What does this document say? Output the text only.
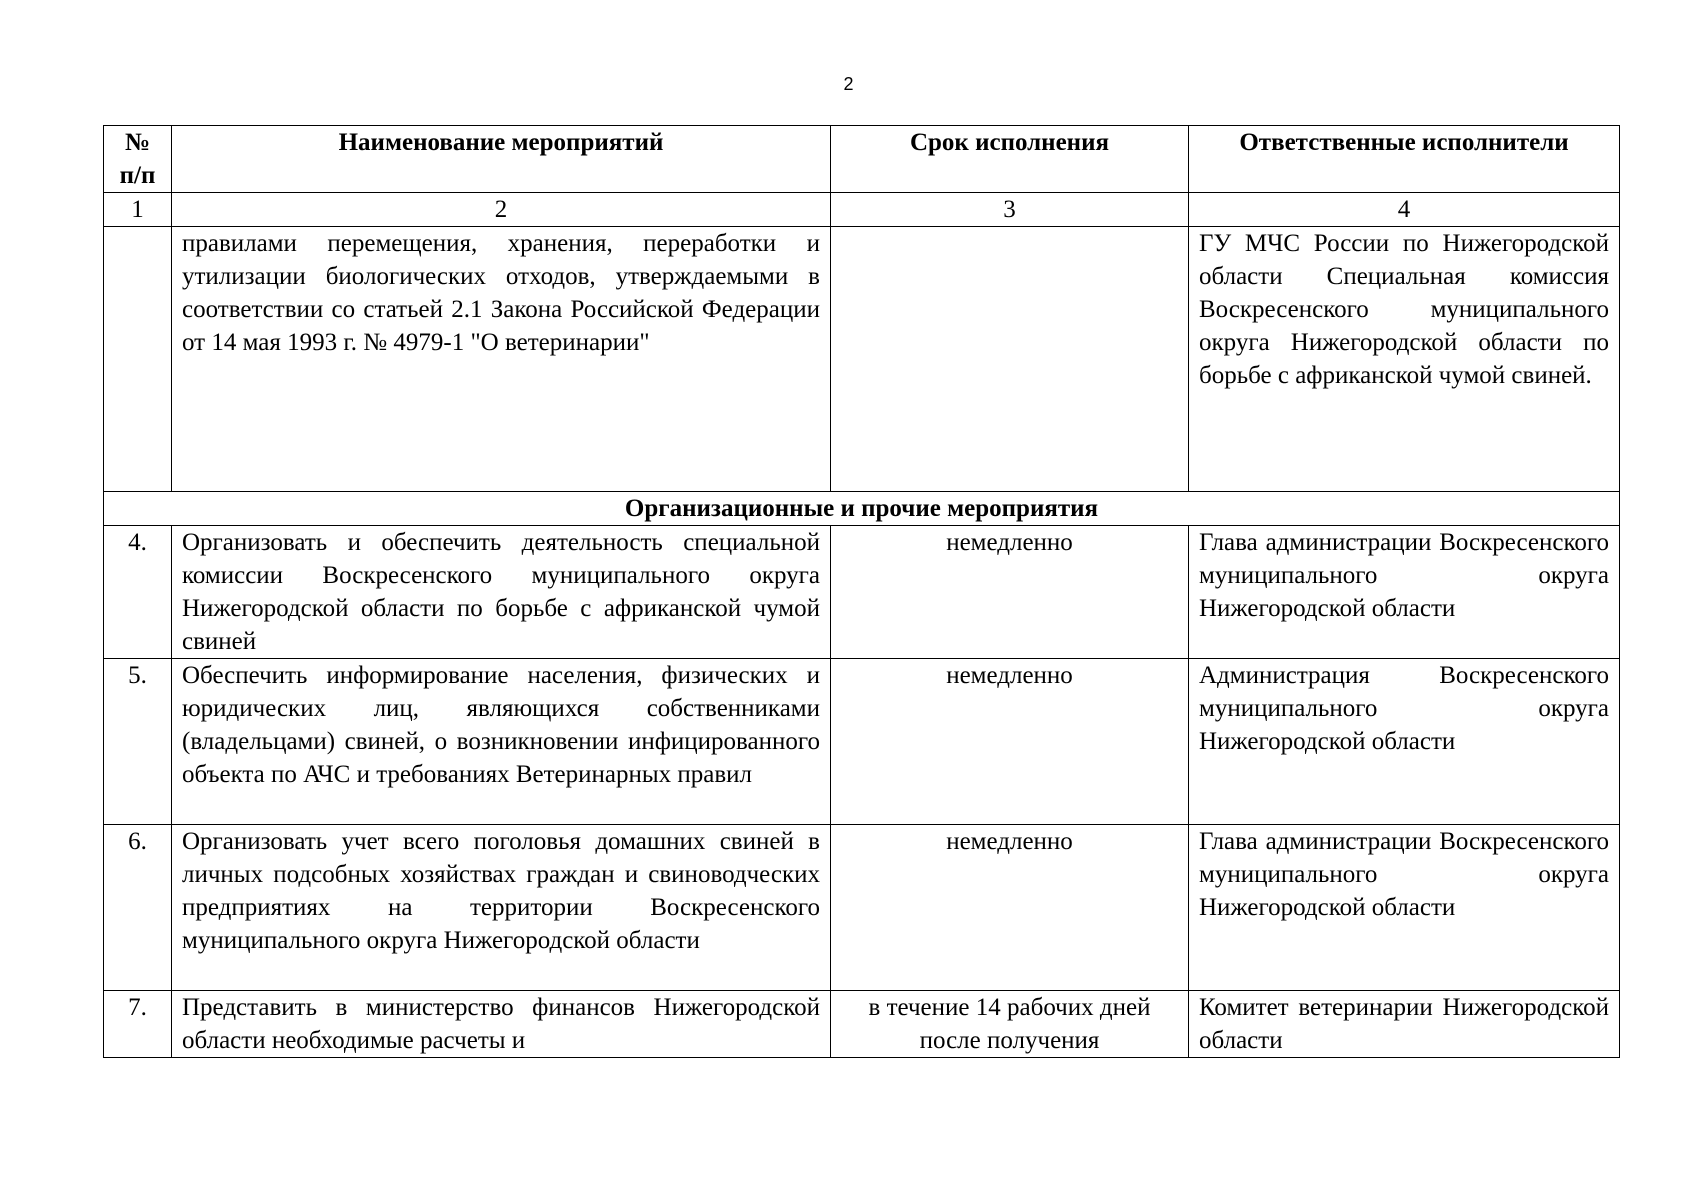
2
№ п/п	Наименование мероприятий	Срок исполнения	Ответственные исполнители
1	2	3	4
	правилами перемещения, хранения, переработки и утилизации биологических отходов, утверждаемыми в соответствии со статьей 2.1 Закона Российской Федерации от 14 мая 1993 г. № 4979-1 "О ветеринарии"		ГУ МЧС России по Нижегородской области Специальная комиссия Воскресенского муниципального округа Нижегородской области по борьбе с африканской чумой свиней.
Организационные и прочие мероприятия			
4.	Организовать и обеспечить деятельность специальной комиссии Воскресенского муниципального округа Нижегородской области по борьбе с африканской чумой свиней	немедленно	Глава администрации Воскресенского муниципального округа Нижегородской области
5.	Обеспечить информирование населения, физических и юридических лиц, являющихся собственниками (владельцами) свиней, о возникновении инфицированного объекта по АЧС и требованиях Ветеринарных правил	немедленно	Администрация Воскресенского муниципального округа Нижегородской области
6.	Организовать учет всего поголовья домашних свиней в личных подсобных хозяйствах граждан и свиноводческих предприятиях на территории Воскресенского муниципального округа Нижегородской области	немедленно	Глава администрации Воскресенского муниципального округа Нижегородской области
7.	Представить в министерство финансов Нижегородской области необходимые расчеты и	в течение 14 рабочих дней после получения	Комитет ветеринарии Нижегородской области
